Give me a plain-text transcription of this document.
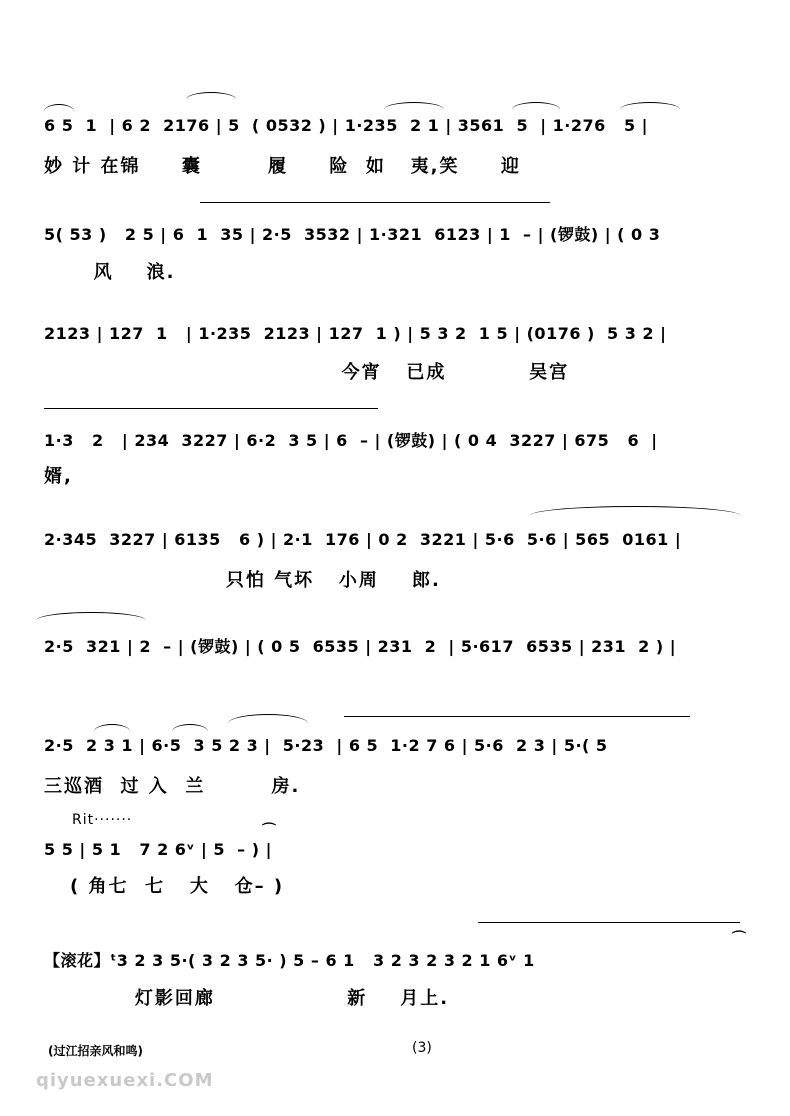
6 5  1  | 6 2  2176 | 5  ( 0532 ) | 1·235  2 1 | 3561  5  | 1·276   5 |
妙 计 在锦     囊        履     险  如   夷,笑     迎
5( 53 )   2 5 | 6  1  35 | 2·5  3532 | 1·321  6123 | 1  – | (锣鼓) | ( 0 3
风    浪.
2123 | 127  1   | 1·235  2123 | 127  1 ) | 5 3 2  1 5 | (0176 )  5 3 2 |
今宵   已成          吴宫
1·3   2   | 234  3227 | 6·2  3 5 | 6  – | (锣鼓) | ( 0 4  3227 | 675   6  |
婿,
2·345  3227 | 6135   6 ) | 2·1  176 | 0 2  3221 | 5·6  5·6 | 565  0161 |
只怕 气坏   小周    郎.
2·5  321 | 2  – | (锣鼓) | ( 0 5  6535 | 231  2  | 5·617  6535 | 231  2 ) |
2·5  2 3 1 | 6·5  3 5 2 3 |  5·23  | 6 5  1·2 7 6 | 5·6  2 3 | 5·( 5
三巡酒  过 入  兰        房.
Rit·······
5 5 | 5 1   7 2 6ᵛ | 5  – ) |
( 角七  七   大   仓– )
⌒
【滚花】ᵗ3 2 3 5·( 3 2 3 5· ) 5 – 6 1   3 2 3 2 3 2 1 6ᵛ 1
灯影回廊                新    月上.
⌒
(过江招亲风和鸣)	(3)
qiyuexuexi.COM
